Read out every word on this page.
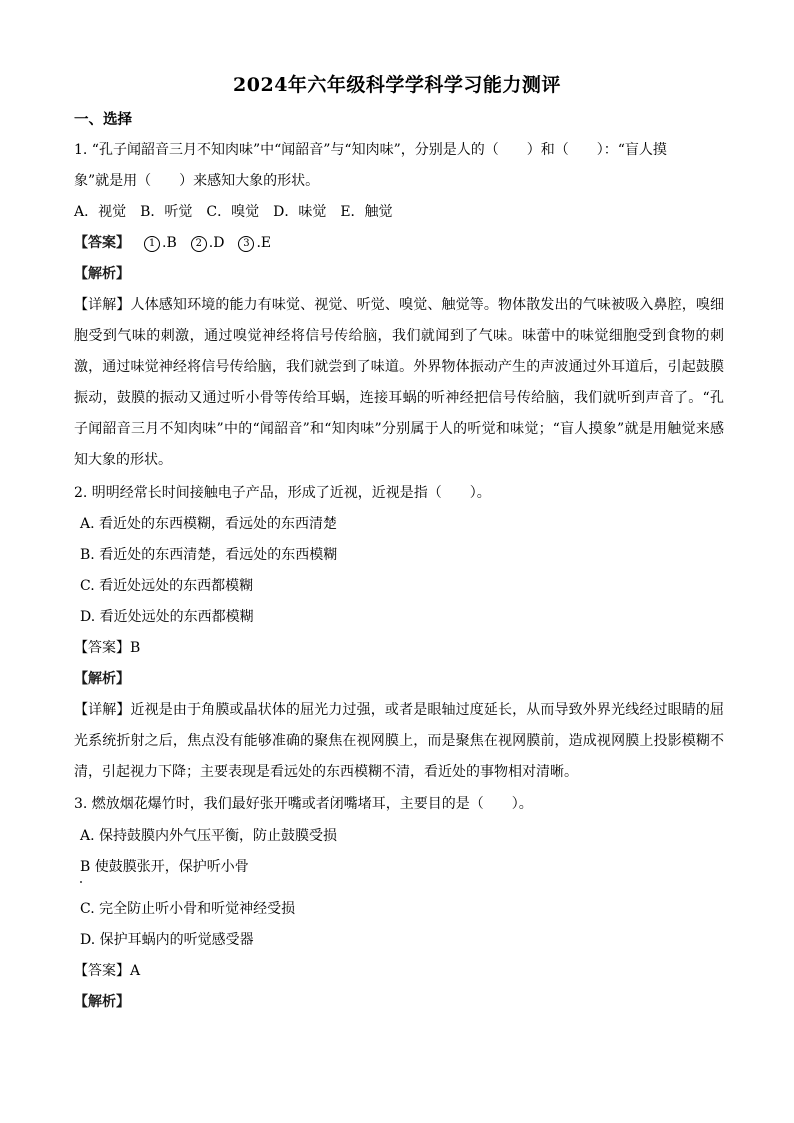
2024年六年级科学学科学习能力测评
一、选择
1. “孔子闻韶音三月不知肉味”中“闻韶音”与“知肉味”，分别是人的（　　）和（　　）：“盲人摸
象”就是用（　　）来感知大象的形状。
A．视觉　B．听觉　C．嗅觉　D．味觉　E．触觉
【答案】 1 .B 2 .D 3 .E
【解析】
【详解】人体感知环境的能力有味觉、视觉、听觉、嗅觉、触觉等。物体散发出的气味被吸入鼻腔，嗅细胞受到气味的刺激，通过嗅觉神经将信号传给脑，我们就闻到了气味。味蕾中的味觉细胞受到食物的刺激，通过味觉神经将信号传给脑，我们就尝到了味道。外界物体振动产生的声波通过外耳道后，引起鼓膜振动，鼓膜的振动又通过听小骨等传给耳蜗，连接耳蜗的听神经把信号传给脑，我们就听到声音了。“孔子闻韶音三月不知肉味”中的“闻韶音”和“知肉味”分别属于人的听觉和味觉；“盲人摸象”就是用触觉来感知大象的形状。
2. 明明经常长时间接触电子产品，形成了近视，近视是指（　　）。
A. 看近处的东西模糊，看远处的东西清楚
B. 看近处的东西清楚，看远处的东西模糊
C. 看近处远处的东西都模糊
D. 看近处远处的东西都模糊
【答案】B
【解析】
【详解】近视是由于角膜或晶状体的屈光力过强，或者是眼轴过度延长，从而导致外界光线经过眼睛的屈光系统折射之后，焦点没有能够准确的聚焦在视网膜上，而是聚焦在视网膜前，造成视网膜上投影模糊不清，引起视力下降；主要表现是看远处的东西模糊不清，看近处的事物相对清晰。
3. 燃放烟花爆竹时，我们最好张开嘴或者闭嘴堵耳，主要目的是（　　）。
A. 保持鼓膜内外气压平衡，防止鼓膜受损
B 使鼓膜张开，保护听小骨
C. 完全防止听小骨和听觉神经受损
D. 保护耳蜗内的听觉感受器
【答案】A
【解析】
